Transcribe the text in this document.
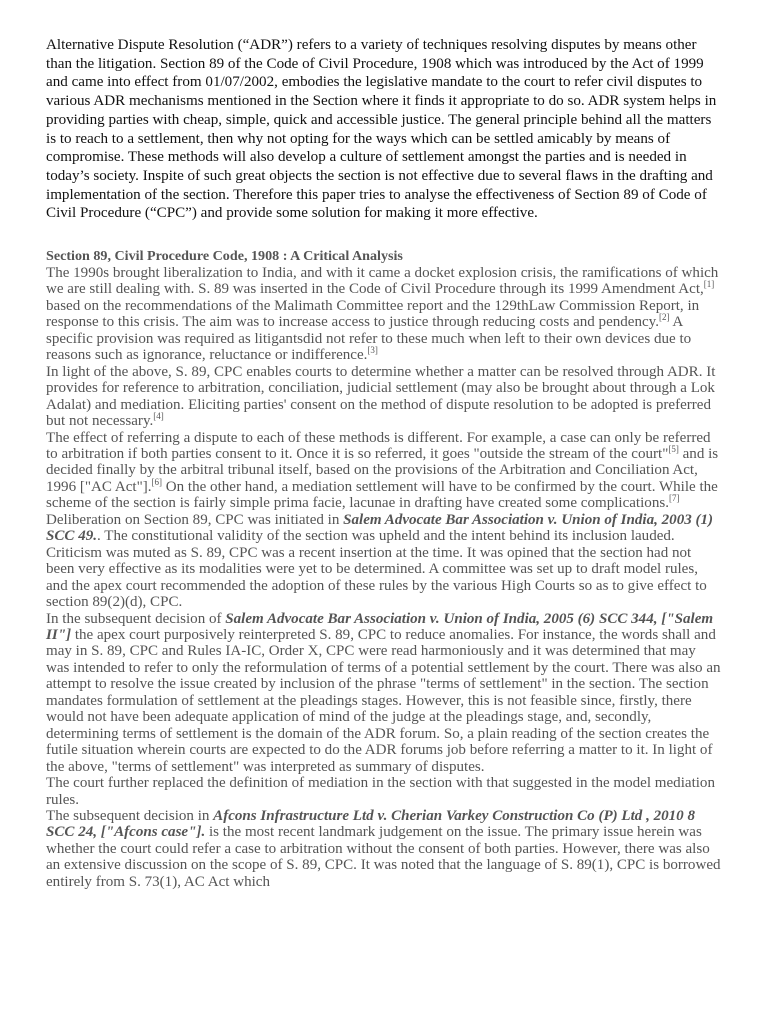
Alternative Dispute Resolution (“ADR”) refers to a variety of techniques resolving disputes by means other than the litigation. Section 89 of the Code of Civil Procedure, 1908 which was introduced by the Act of 1999 and came into effect from 01/07/2002, embodies the legislative mandate to the court to refer civil disputes to various ADR mechanisms mentioned in the Section where it finds it appropriate to do so. ADR system helps in providing parties with cheap, simple, quick and accessible justice. The general principle behind all the matters is to reach to a settlement, then why not opting for the ways which can be settled amicably by means of compromise. These methods will also develop a culture of settlement amongst the parties and is needed in today’s society. Inspite of such great objects the section is not effective due to several flaws in the drafting and implementation of the section. Therefore this paper tries to analyse the effectiveness of Section 89 of Code of Civil Procedure (“CPC”) and provide some solution for making it more effective.

Section 89, Civil Procedure Code, 1908 : A Critical Analysis

The 1990s brought liberalization to India, and with it came a docket explosion crisis, the ramifications of which we are still dealing with. S. 89 was inserted in the Code of Civil Procedure through its 1999 Amendment Act,[1] based on the recommendations of the Malimath Committee report and the 129thLaw Commission Report, in response to this crisis. The aim was to increase access to justice through reducing costs and pendency.[2] A specific provision was required as litigantsdid not refer to these much when left to their own devices due to reasons such as ignorance, reluctance or indifference.[3]

In light of the above, S. 89, CPC enables courts to determine whether a matter can be resolved through ADR. It provides for reference to arbitration, conciliation, judicial settlement (may also be brought about through a Lok Adalat) and mediation. Eliciting parties' consent on the method of dispute resolution to be adopted is preferred but not necessary.[4]

The effect of referring a dispute to each of these methods is different. For example, a case can only be referred to arbitration if both parties consent to it. Once it is so referred, it goes "outside the stream of the court"[5] and is decided finally by the arbitral tribunal itself, based on the provisions of the Arbitration and Conciliation Act, 1996 ["AC Act"].[6] On the other hand, a mediation settlement will have to be confirmed by the court. While the scheme of the section is fairly simple prima facie, lacunae in drafting have created some complications.[7]

Deliberation on Section 89, CPC was initiated in Salem Advocate Bar Association v. Union of India, 2003 (1) SCC 49.. The constitutional validity of the section was upheld and the intent behind its inclusion lauded. Criticism was muted as S. 89, CPC was a recent insertion at the time. It was opined that the section had not been very effective as its modalities were yet to be determined. A committee was set up to draft model rules, and the apex court recommended the adoption of these rules by the various High Courts so as to give effect to section 89(2)(d), CPC.

In the subsequent decision of Salem Advocate Bar Association v. Union of India, 2005 (6) SCC 344, ["Salem II"] the apex court purposively reinterpreted S. 89, CPC to reduce anomalies. For instance, the words shall and may in S. 89, CPC and Rules IA-IC, Order X, CPC were read harmoniously and it was determined that may was intended to refer to only the reformulation of terms of a potential settlement by the court. There was also an attempt to resolve the issue created by inclusion of the phrase "terms of settlement" in the section. The section mandates formulation of settlement at the pleadings stages. However, this is not feasible since, firstly, there would not have been adequate application of mind of the judge at the pleadings stage, and, secondly, determining terms of settlement is the domain of the ADR forum. So, a plain reading of the section creates the futile situation wherein courts are expected to do the ADR forums job before referring a matter to it. In light of the above, "terms of settlement" was interpreted as summary of disputes.

The court further replaced the definition of mediation in the section with that suggested in the model mediation rules.

The subsequent decision in Afcons Infrastructure Ltd v. Cherian Varkey Construction Co (P) Ltd , 2010 8 SCC 24, ["Afcons case"]. is the most recent landmark judgement on the issue. The primary issue herein was whether the court could refer a case to arbitration without the consent of both parties. However, there was also an extensive discussion on the scope of S. 89, CPC. It was noted that the language of S. 89(1), CPC is borrowed entirely from S. 73(1), AC Act which
